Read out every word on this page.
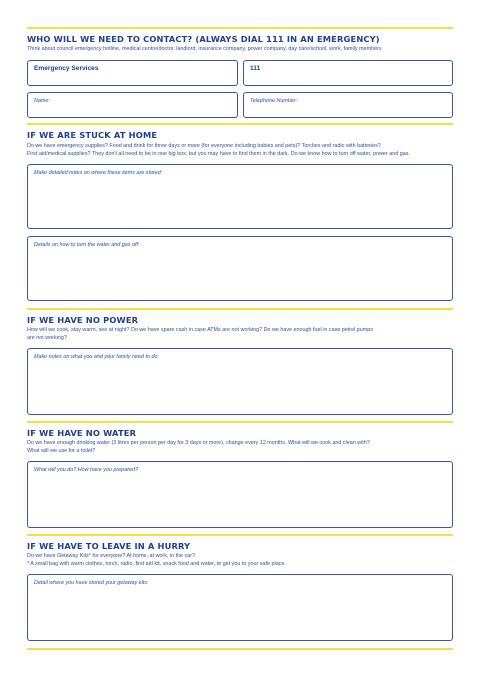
WHO WILL WE NEED TO CONTACT? (ALWAYS DIAL 111 IN AN EMERGENCY)
Think about council emergency hotline, medical centre/doctor, landlord, insurance company, power company, day care/school, work, family members
Emergency Services	111
Name:	Telephone Number:
IF WE ARE STUCK AT HOME
Do we have emergency supplies? Food and drink for three days or more (for everyone including babies and pets)? Torches and radio with batteries?
First aid/medical supplies? They don't all need to be in one big box, but you may have to find them in the dark. Do we know how to turn off water, power and gas.
Make detailed notes on where these items are stored:
Details on how to turn the water and gas off:
IF WE HAVE NO POWER
How will we cook, stay warm, see at night? Do we have spare cash in case ATMs are not working? Do we have enough fuel in case petrol pumps
are not working?
Make notes on what you and your family need to do:
IF WE HAVE NO WATER
Do we have enough drinking water (3 litres per person per day for 3 days or more), change every 12 months. What will we cook and clean with?
What will we use for a toilet?
What will you do? How have you prepared?
IF WE HAVE TO LEAVE IN A HURRY
Do we have Getaway Kits* for everyone? At home, at work, in the car?
* A small bag with warm clothes, torch, radio, first aid kit, snack food and water, to get you to your safe place.
Detail where you have stored your getaway kits:
